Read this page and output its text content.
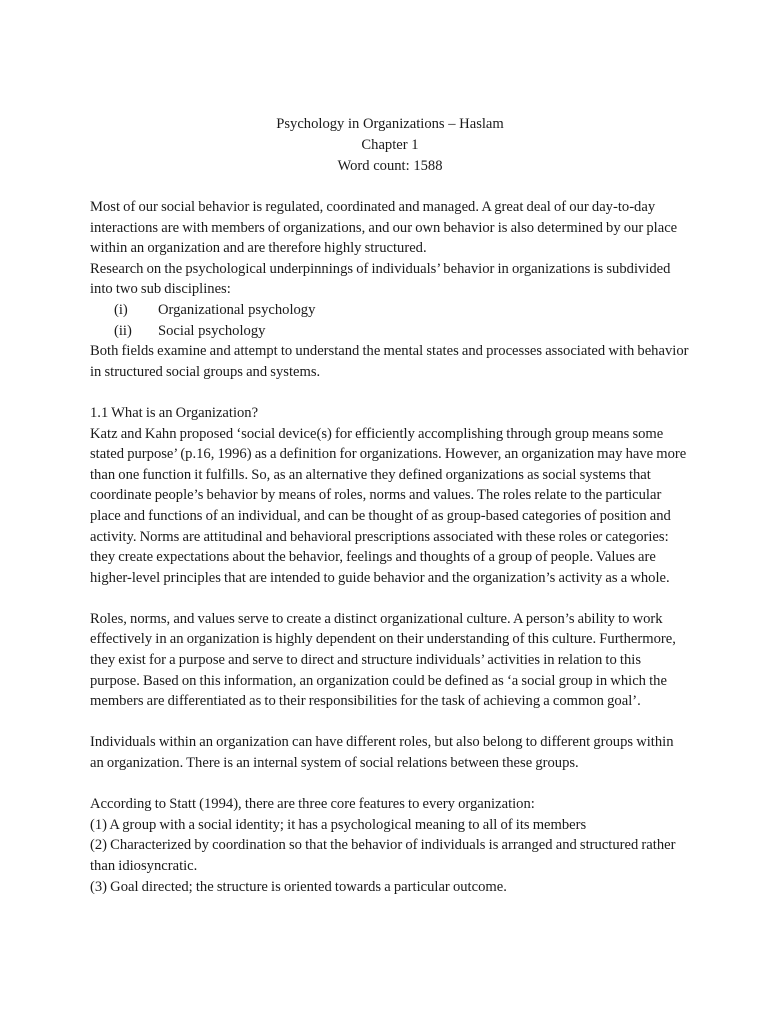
Psychology in Organizations – Haslam
Chapter 1
Word count: 1588

Most of our social behavior is regulated, coordinated and managed. A great deal of our day-to-day interactions are with members of organizations, and our own behavior is also determined by our place within an organization and are therefore highly structured.

Research on the psychological underpinnings of individuals’ behavior in organizations is subdivided into two sub disciplines:

(i)	Organizational psychology
(ii)	Social psychology

Both fields examine and attempt to understand the mental states and processes associated with behavior in structured social groups and systems.

1.1 What is an Organization?

Katz and Kahn proposed ‘social device(s) for efficiently accomplishing through group means some stated purpose’ (p.16, 1996) as a definition for organizations. However, an organization may have more than one function it fulfills. So, as an alternative they defined organizations as social systems that coordinate people’s behavior by means of roles, norms and values. The roles relate to the particular place and functions of an individual, and can be thought of as group-based categories of position and activity. Norms are attitudinal and behavioral prescriptions associated with these roles or categories: they create expectations about the behavior, feelings and thoughts of a group of people. Values are higher-level principles that are intended to guide behavior and the organization’s activity as a whole.

Roles, norms, and values serve to create a distinct organizational culture. A person’s ability to work effectively in an organization is highly dependent on their understanding of this culture. Furthermore, they exist for a purpose and serve to direct and structure individuals’ activities in relation to this purpose. Based on this information, an organization could be defined as ‘a social group in which the members are differentiated as to their responsibilities for the task of achieving a common goal’.

Individuals within an organization can have different roles, but also belong to different groups within an organization. There is an internal system of social relations between these groups.

According to Statt (1994), there are three core features to every organization:

(1) A group with a social identity; it has a psychological meaning to all of its members

(2) Characterized by coordination so that the behavior of individuals is arranged and structured rather than idiosyncratic.

(3) Goal directed; the structure is oriented towards a particular outcome.
